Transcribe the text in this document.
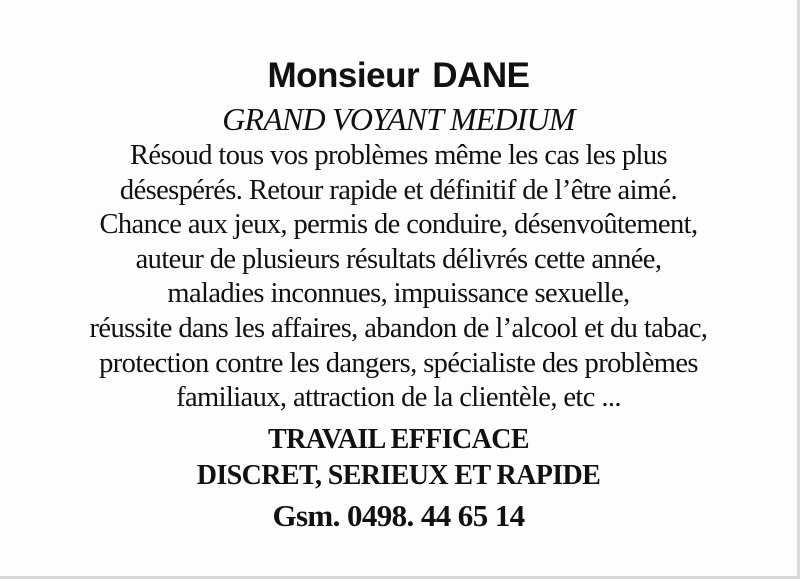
Monsieur DANE
GRAND VOYANT MEDIUM
Résoud tous vos problèmes même les cas les plus
désespérés. Retour rapide et définitif de l’être aimé.
Chance aux jeux, permis de conduire, désenvoûtement,
auteur de plusieurs résultats délivrés cette année,
maladies inconnues, impuissance sexuelle,
réussite dans les affaires, abandon de l’alcool et du tabac,
protection contre les dangers, spécialiste des problèmes
familiaux, attraction de la clientèle, etc ...
TRAVAIL EFFICACE
DISCRET, SERIEUX ET RAPIDE
Gsm. 0498. 44 65 14
